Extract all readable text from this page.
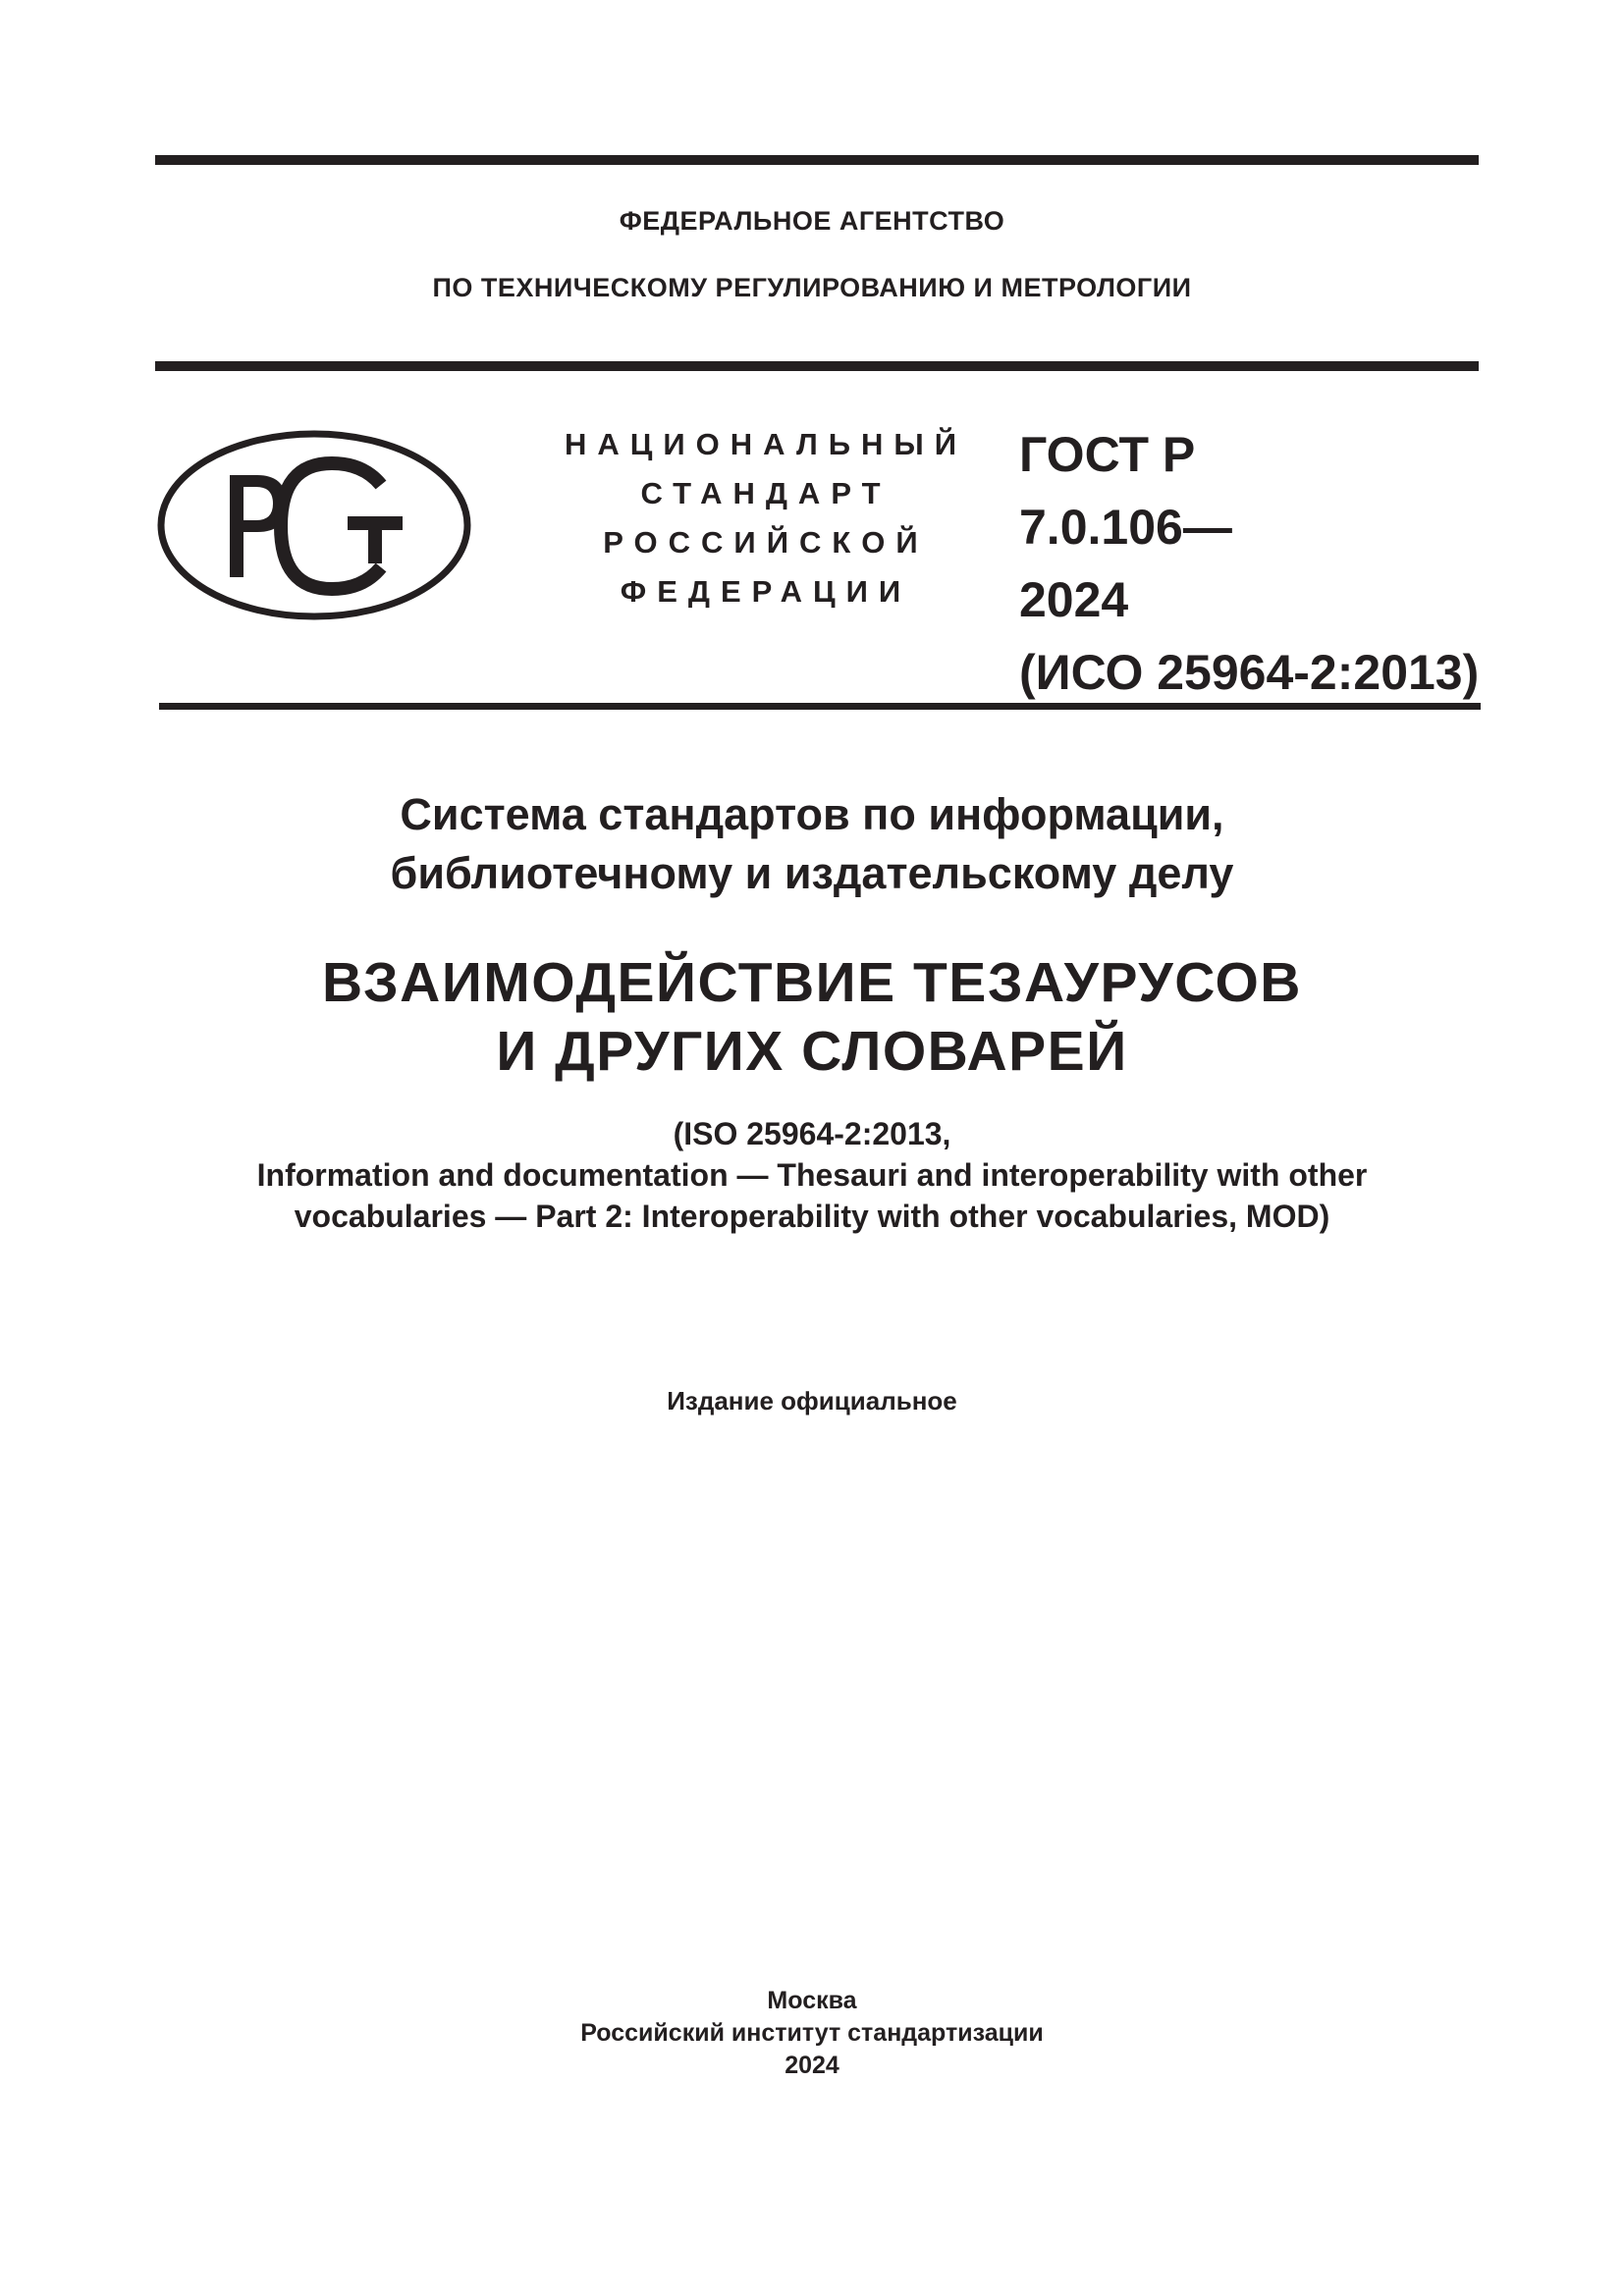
ФЕДЕРАЛЬНОЕ АГЕНТСТВО
ПО ТЕХНИЧЕСКОМУ РЕГУЛИРОВАНИЮ И МЕТРОЛОГИИ
НАЦИОНАЛЬНЫЙ
СТАНДАРТ
РОССИЙСКОЙ
ФЕДЕРАЦИИ
ГОСТ Р
7.0.106—
2024
(ИСО 25964-2:2013)
Система стандартов по информации,
библиотечному и издательскому делу
ВЗАИМОДЕЙСТВИЕ ТЕЗАУРУСОВ
И ДРУГИХ СЛОВАРЕЙ
(ISO 25964-2:2013,
Information and documentation — Thesauri and interoperability with other
vocabularies — Part 2: Interoperability with other vocabularies, MOD)
Издание официальное
Москва
Российский институт стандартизации
2024
